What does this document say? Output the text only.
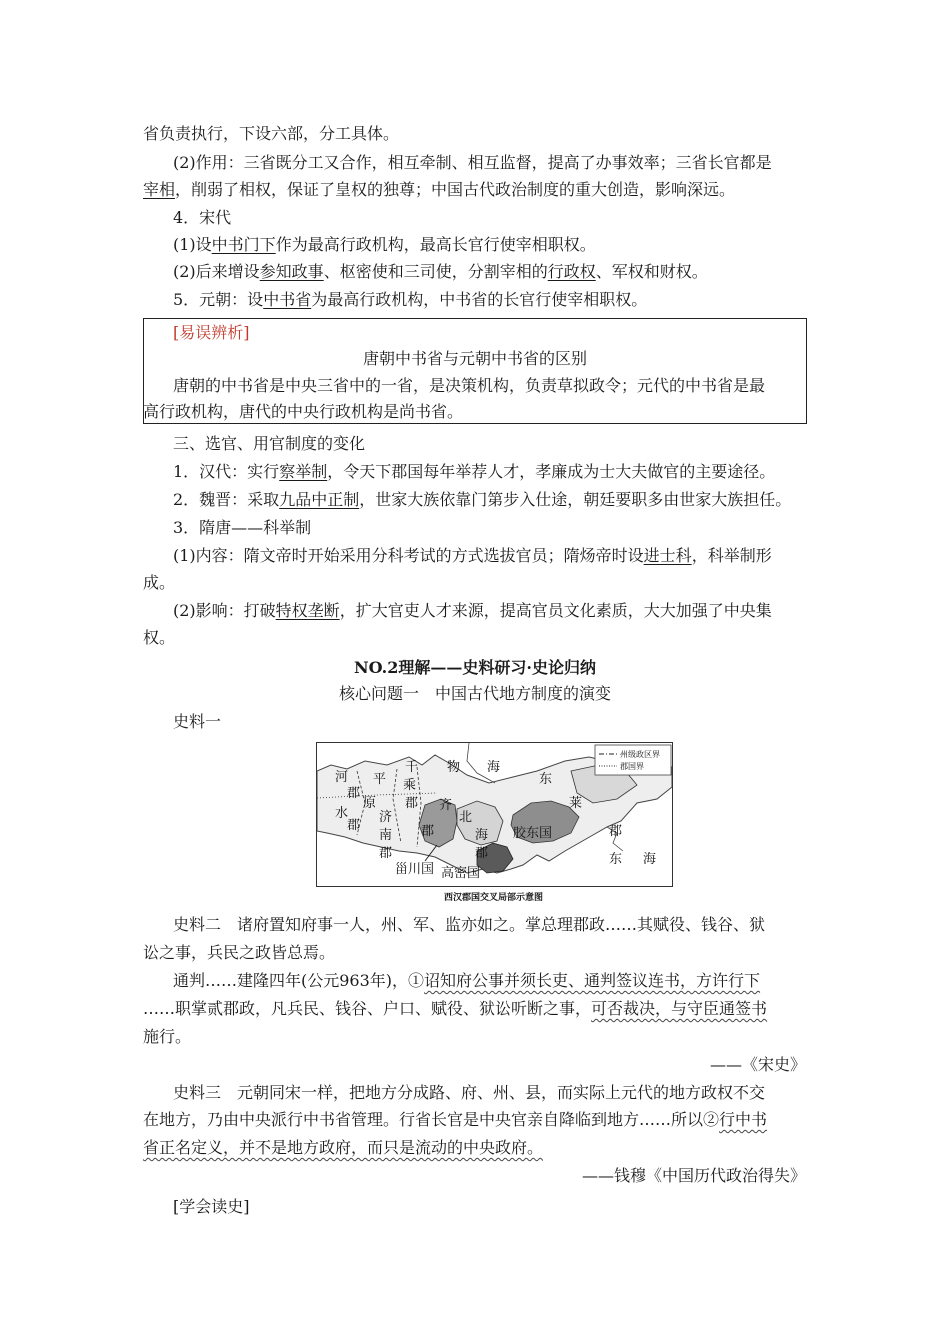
省负责执行，下设六部，分工具体。
(2)作用：三省既分工又合作，相互牵制、相互监督，提高了办事效率；三省长官都是
宰相，削弱了相权，保证了皇权的独尊；中国古代政治制度的重大创造，影响深远。
4．宋代
(1)设中书门下作为最高行政机构，最高长官行使宰相职权。
(2)后来增设参知政事、枢密使和三司使，分割宰相的行政权、军权和财权。
5．元朝：设中书省为最高行政机构，中书省的长官行使宰相职权。
[易误辨析]
唐朝中书省与元朝中书省的区别
唐朝的中书省是中央三省中的一省，是决策机构，负责草拟政令；元代的中书省是最
高行政机构，唐代的中央行政机构是尚书省。
三、选官、用官制度的变化
1．汉代：实行察举制，令天下郡国每年举荐人才，孝廉成为士大夫做官的主要途径。
2．魏晋：采取九品中正制，世家大族依靠门第步入仕途，朝廷要职多由世家大族担任。
3．隋唐——科举制
(1)内容：隋文帝时开始采用分科考试的方式选拔官员；隋炀帝时设进士科，科举制形
成。
(2)影响：打破特权垄断，扩大官吏人才来源，提高官员文化素质，大大加强了中央集
权。
NO.2理解——史料研习·史论归纳
核心问题一　中国古代地方制度的演变
史料一
州级政区界
郡国界
河
水
郡
平
原
郡
千
乘
郡
济
南
郡
齐
郡
北
海
郡
物 海
东
莱
郡
胶东国
甾川国 高密国
东 海
西汉郡国交叉局部示意图
史料二　诸府置知府事一人，州、军、监亦如之。掌总理郡政……其赋役、钱谷、狱
讼之事，兵民之政皆总焉。
通判……建隆四年(公元963年)，①诏知府公事并须长吏、通判签议连书，方许行下
……职掌贰郡政，凡兵民、钱谷、户口、赋役、狱讼听断之事，可否裁决，与守臣通签书
施行。
——《宋史》
史料三　元朝同宋一样，把地方分成路、府、州、县，而实际上元代的地方政权不交
在地方，乃由中央派行中书省管理。行省长官是中央官亲自降临到地方……所以②行中书
省正名定义，并不是地方政府，而只是流动的中央政府。
——钱穆《中国历代政治得失》
[学会读史]
